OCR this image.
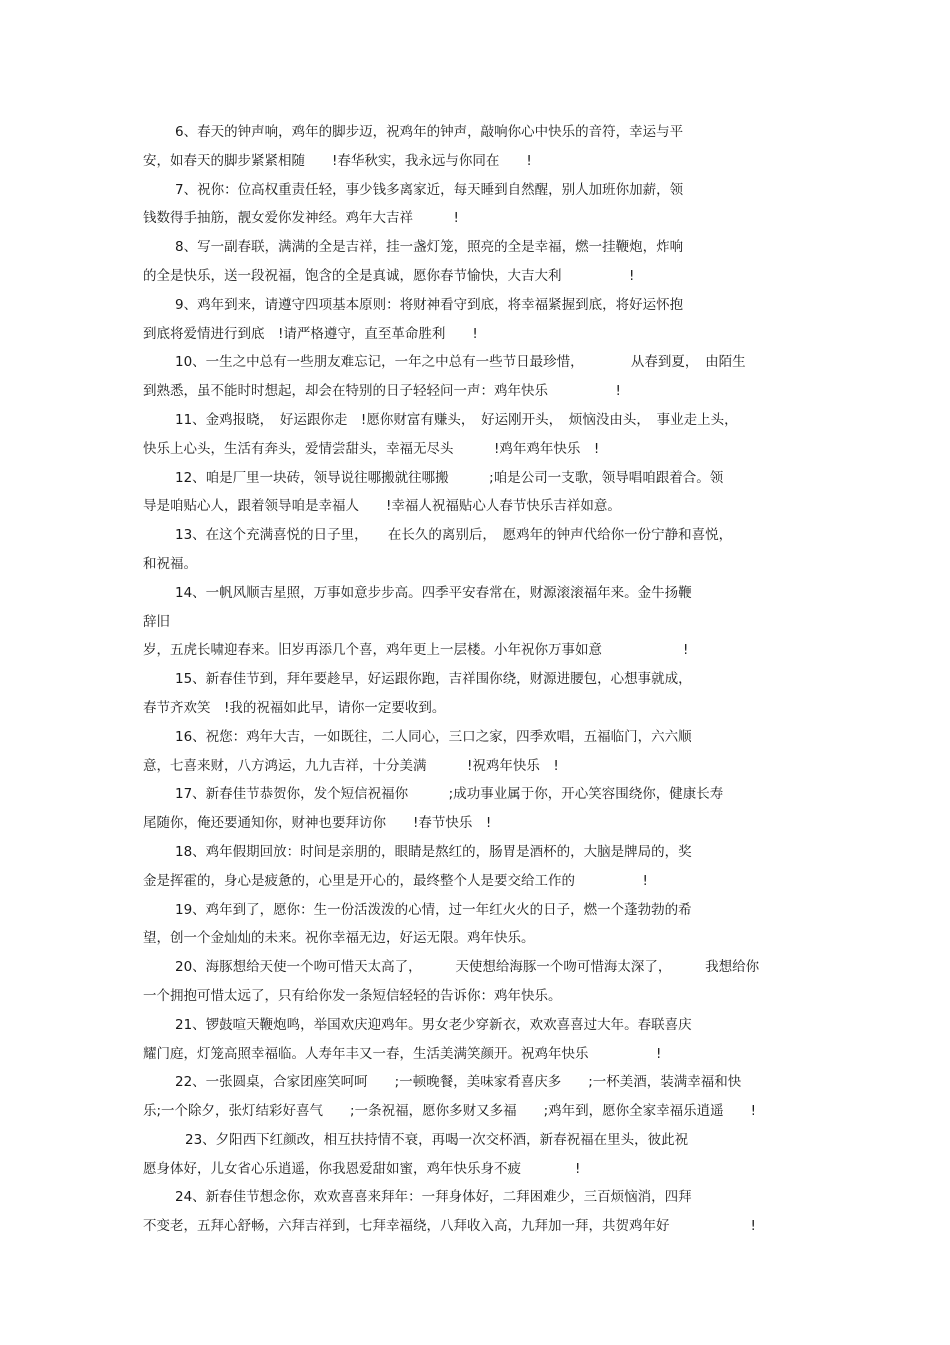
6、春天的钟声响，鸡年的脚步迈，祝鸡年的钟声，敲响你心中快乐的音符，幸运与平
安，如春天的脚步紧紧相随　　!春华秋实，我永远与你同在　　!

7、祝你：位高权重责任轻，事少钱多离家近，每天睡到自然醒，别人加班你加薪，领
钱数得手抽筋，靓女爱你发神经。鸡年大吉祥　　　!

8、写一副春联，满满的全是吉祥，挂一盏灯笼，照亮的全是幸福，燃一挂鞭炮，炸响
的全是快乐，送一段祝福，饱含的全是真诚，愿你春节愉快，大吉大利　　　　　!

9、鸡年到来，请遵守四项基本原则：将财神看守到底，将幸福紧握到底，将好运怀抱
到底将爱情进行到底　!请严格遵守，直至革命胜利　　!

10、一生之中总有一些朋友难忘记，一年之中总有一些节日最珍惜，　　　　从春到夏，　由陌生
到熟悉，虽不能时时想起，却会在特别的日子轻轻问一声：鸡年快乐　　　　　!

11、金鸡报晓，　好运跟你走　!愿你财富有赚头，　好运刚开头，　烦恼没由头，　事业走上头，
快乐上心头，生活有奔头，爱情尝甜头，幸福无尽头　　　!鸡年鸡年快乐　!

12、咱是厂里一块砖，领导说往哪搬就往哪搬　　　;咱是公司一支歌，领导唱咱跟着合。领
导是咱贴心人，跟着领导咱是幸福人　　!幸福人祝福贴心人春节快乐吉祥如意。

13、在这个充满喜悦的日子里，　　在长久的离别后，　愿鸡年的钟声代给你一份宁静和喜悦，
和祝福。

14、一帆风顺吉星照，万事如意步步高。四季平安春常在，财源滚滚福年来。金牛扬鞭
辞旧
岁，五虎长啸迎春来。旧岁再添几个喜，鸡年更上一层楼。小年祝你万事如意　　　　　　!

15、新春佳节到，拜年要趁早，好运跟你跑，吉祥围你绕，财源进腰包，心想事就成，
春节齐欢笑　!我的祝福如此早，请你一定要收到。

16、祝您：鸡年大吉，一如既往，二人同心，三口之家，四季欢唱，五福临门，六六顺
意，七喜来财，八方鸿运，九九吉祥，十分美满　　　!祝鸡年快乐　!

17、新春佳节恭贺你，发个短信祝福你　　　;成功事业属于你，开心笑容围绕你，健康长寿
尾随你，俺还要通知你，财神也要拜访你　　!春节快乐　!

18、鸡年假期回放：时间是亲朋的，眼睛是熬红的，肠胃是酒杯的，大脑是牌局的，奖
金是挥霍的，身心是疲惫的，心里是开心的，最终整个人是要交给工作的　　　　　!

19、鸡年到了，愿你：生一份活泼泼的心情，过一年红火火的日子，燃一个蓬勃勃的希
望，创一个金灿灿的未来。祝你幸福无边，好运无限。鸡年快乐。

20、海豚想给天使一个吻可惜天太高了，　　　天使想给海豚一个吻可惜海太深了，　　　我想给你
一个拥抱可惜太远了，只有给你发一条短信轻轻的告诉你：鸡年快乐。

21、锣鼓喧天鞭炮鸣，举国欢庆迎鸡年。男女老少穿新衣，欢欢喜喜过大年。春联喜庆
耀门庭，灯笼高照幸福临。人寿年丰又一春，生活美满笑颜开。祝鸡年快乐　　　　　!

22、一张圆桌，合家团座笑呵呵　　;一顿晚餐，美味家肴喜庆多　　;一杯美酒，装满幸福和快
乐;一个除夕，张灯结彩好喜气　　;一条祝福，愿你多财又多福　　;鸡年到，愿你全家幸福乐逍遥　　!

23、夕阳西下红颜改，相互扶持情不衰，再喝一次交杯酒，新春祝福在里头，彼此祝
愿身体好，儿女省心乐逍遥，你我恩爱甜如蜜，鸡年快乐身不疲　　　　!

24、新春佳节想念你，欢欢喜喜来拜年：一拜身体好，二拜困难少，三百烦恼消，四拜
不变老，五拜心舒畅，六拜吉祥到，七拜幸福绕，八拜收入高，九拜加一拜，共贺鸡年好　　　　　　!
